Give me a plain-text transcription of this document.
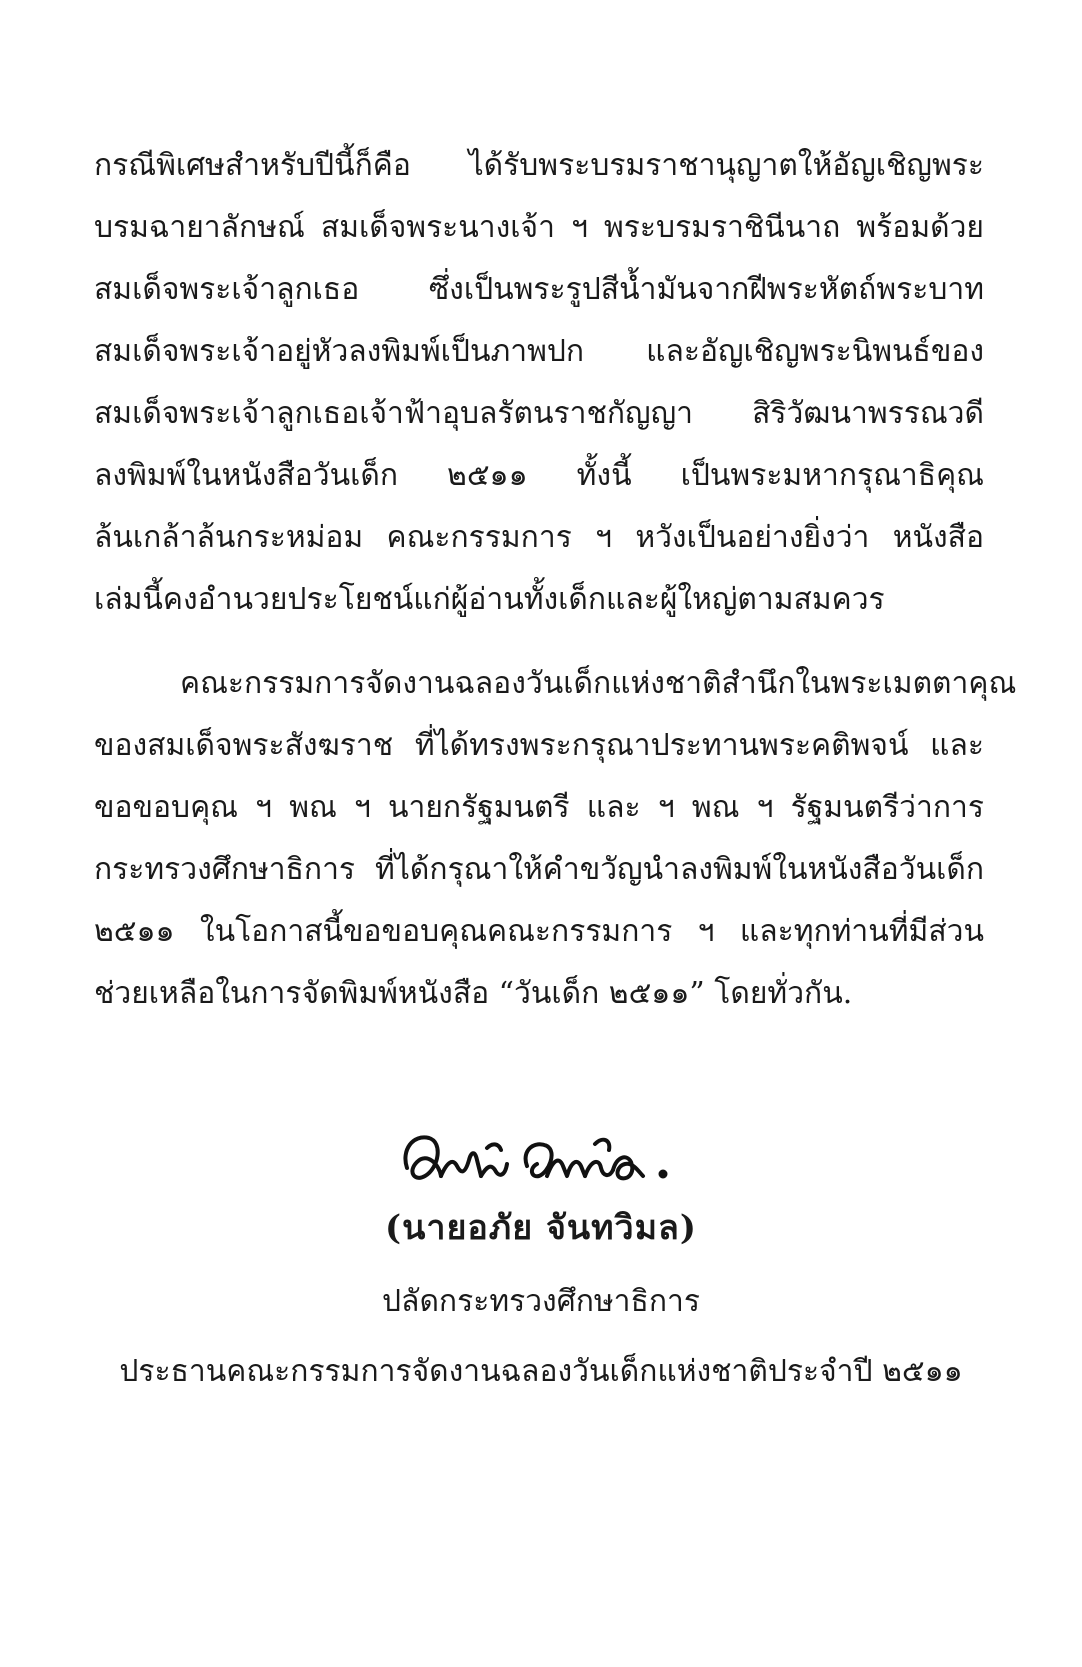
กรณีพิเศษสำหรับปีนี้ก็คือ ได้รับพระบรมราชานุญาตให้อัญเชิญพระ
บรมฉายาลักษณ์ สมเด็จพระนางเจ้า ฯ พระบรมราชินีนาถ พร้อมด้วย
สมเด็จพระเจ้าลูกเธอ ซึ่งเป็นพระรูปสีน้ำมันจากฝีพระหัตถ์พระบาท
สมเด็จพระเจ้าอยู่หัวลงพิมพ์เป็นภาพปก และอัญเชิญพระนิพนธ์ของ
สมเด็จพระเจ้าลูกเธอเจ้าฟ้าอุบลรัตนราชกัญญา สิริวัฒนาพรรณวดี
ลงพิมพ์ในหนังสือวันเด็ก ๒๕๑๑ ทั้งนี้ เป็นพระมหากรุณาธิคุณ
ล้นเกล้าล้นกระหม่อม คณะกรรมการ ฯ หวังเป็นอย่างยิ่งว่า หนังสือ
เล่มนี้คงอำนวยประโยชน์แก่ผู้อ่านทั้งเด็กและผู้ใหญ่ตามสมควร
คณะกรรมการจัดงานฉลองวันเด็กแห่งชาติสำนึกในพระเมตตาคุณ
ของสมเด็จพระสังฆราช ที่ได้ทรงพระกรุณาประทานพระคติพจน์ และ
ขอขอบคุณ ฯ พณ ฯ นายกรัฐมนตรี และ ฯ พณ ฯ รัฐมนตรีว่าการ
กระทรวงศึกษาธิการ ที่ได้กรุณาให้คำขวัญนำลงพิมพ์ในหนังสือวันเด็ก
๒๕๑๑ ในโอกาสนี้ขอขอบคุณคณะกรรมการ ฯ และทุกท่านที่มีส่วน
ช่วยเหลือในการจัดพิมพ์หนังสือ “วันเด็ก ๒๕๑๑” โดยทั่วกัน.
(นายอภัย จันทวิมล)
ปลัดกระทรวงศึกษาธิการ
ประธานคณะกรรมการจัดงานฉลองวันเด็กแห่งชาติประจำปี ๒๕๑๑
